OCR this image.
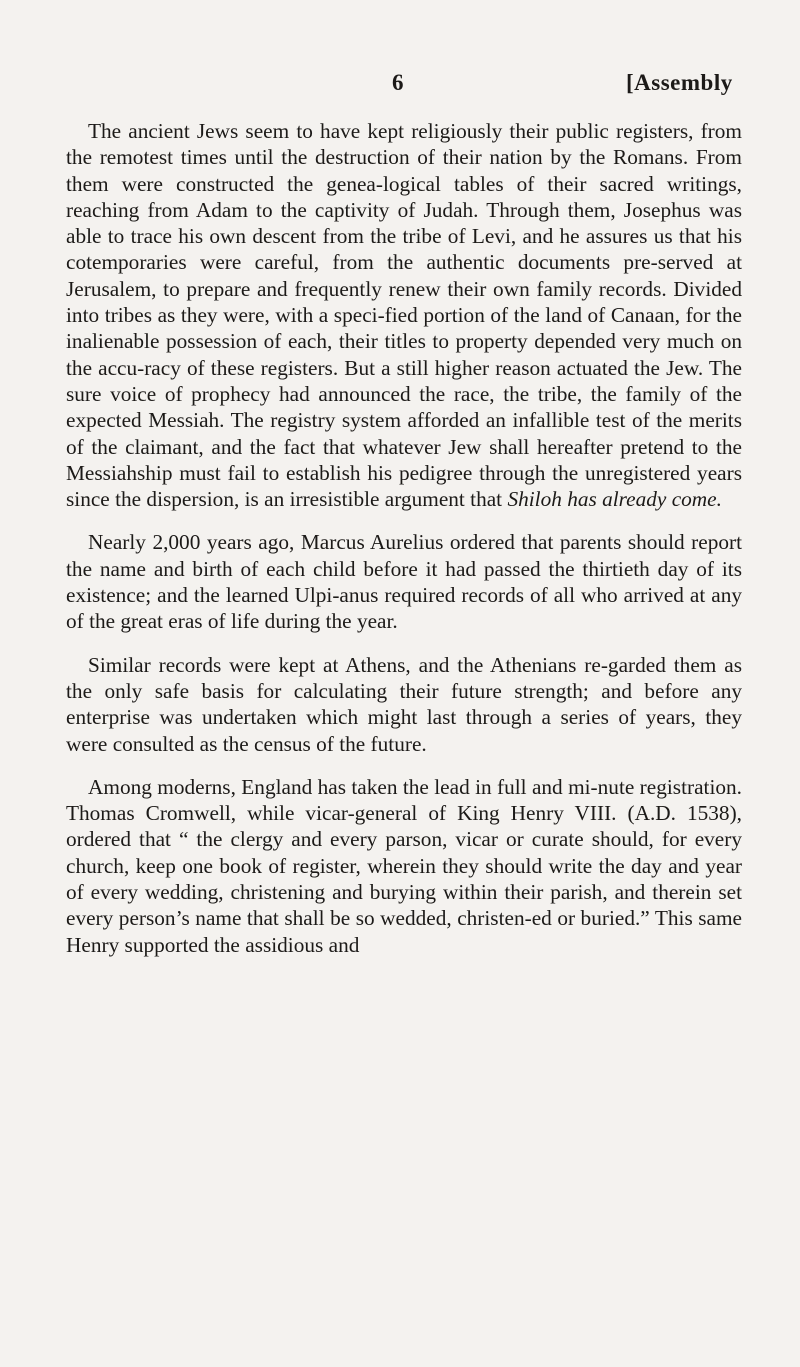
6	[Assembly

The ancient Jews seem to have kept religiously their public registers, from the remotest times until the destruction of their nation by the Romans. From them were constructed the genea-logical tables of their sacred writings, reaching from Adam to the captivity of Judah. Through them, Josephus was able to trace his own descent from the tribe of Levi, and he assures us that his cotemporaries were careful, from the authentic documents pre-served at Jerusalem, to prepare and frequently renew their own family records. Divided into tribes as they were, with a speci-fied portion of the land of Canaan, for the inalienable possession of each, their titles to property depended very much on the accu-racy of these registers. But a still higher reason actuated the Jew. The sure voice of prophecy had announced the race, the tribe, the family of the expected Messiah. The registry system afforded an infallible test of the merits of the claimant, and the fact that whatever Jew shall hereafter pretend to the Messiahship must fail to establish his pedigree through the unregistered years since the dispersion, is an irresistible argument that Shiloh has already come.

Nearly 2,000 years ago, Marcus Aurelius ordered that parents should report the name and birth of each child before it had passed the thirtieth day of its existence; and the learned Ulpi-anus required records of all who arrived at any of the great eras of life during the year.

Similar records were kept at Athens, and the Athenians re-garded them as the only safe basis for calculating their future strength; and before any enterprise was undertaken which might last through a series of years, they were consulted as the census of the future.

Among moderns, England has taken the lead in full and mi-nute registration. Thomas Cromwell, while vicar-general of King Henry VIII. (A.D. 1538), ordered that “ the clergy and every parson, vicar or curate should, for every church, keep one book of register, wherein they should write the day and year of every wedding, christening and burying within their parish, and therein set every person’s name that shall be so wedded, christen-ed or buried.” This same Henry supported the assidious and
